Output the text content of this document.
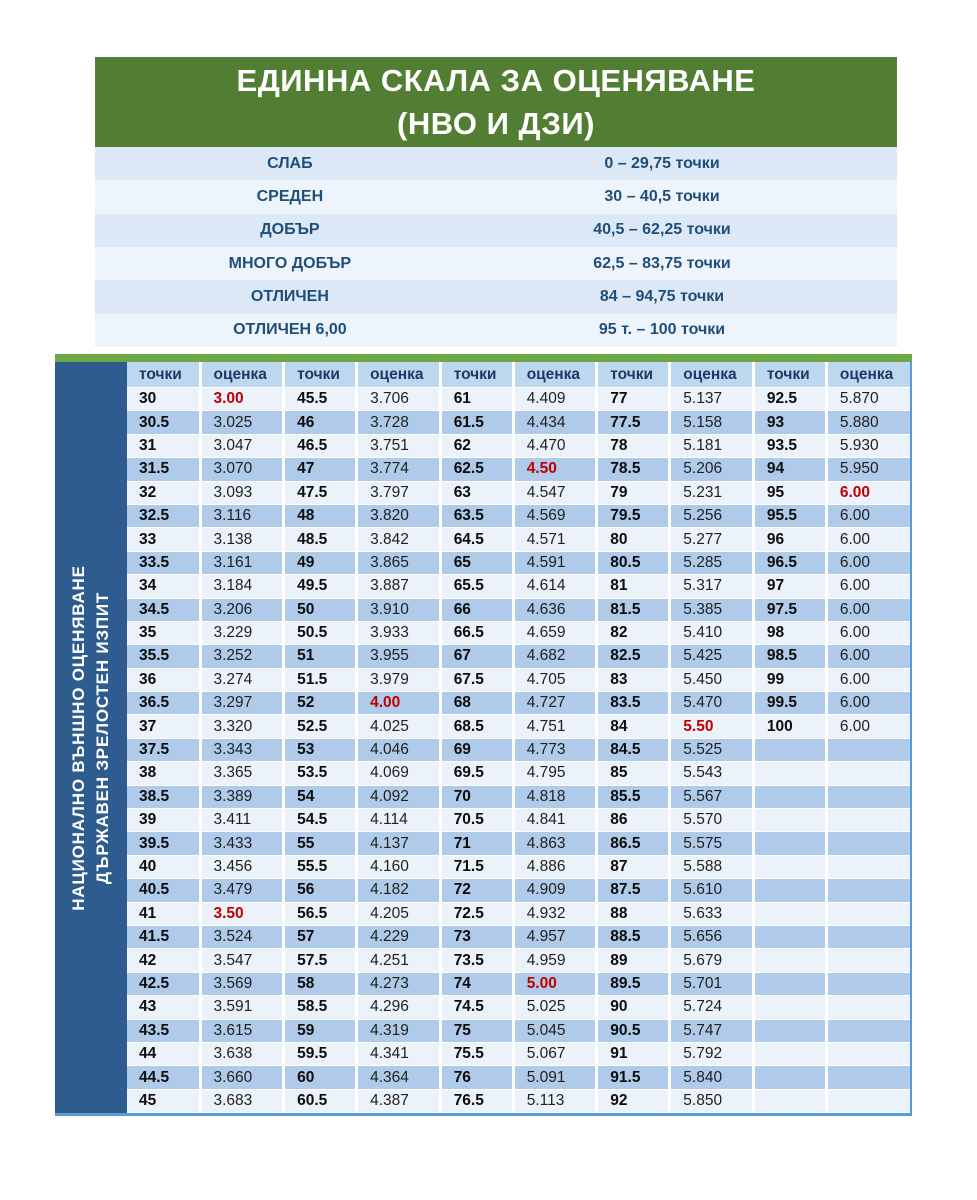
ЕДИННА СКАЛА ЗА ОЦЕНЯВАНЕ
(НВО И ДЗИ)
СЛАБ	0 – 29,75 точки
СРЕДЕН	30 – 40,5 точки
ДОБЪР	40,5 – 62,25 точки
МНОГО ДОБЪР	62,5 – 83,75 точки
ОТЛИЧЕН	84 – 94,75 точки
ОТЛИЧЕН 6,00	95 т. – 100 точки
НАЦИОНАЛНО ВЪНШНО ОЦЕНЯВАНЕ ДЪРЖАВЕН ЗРЕЛОСТЕН ИЗПИТ
точки	оценка	точки	оценка	точки	оценка	точки	оценка	точки	оценка
30	3.00	45.5	3.706	61	4.409	77	5.137	92.5	5.870
30.5	3.025	46	3.728	61.5	4.434	77.5	5.158	93	5.880
31	3.047	46.5	3.751	62	4.470	78	5.181	93.5	5.930
31.5	3.070	47	3.774	62.5	4.50	78.5	5.206	94	5.950
32	3.093	47.5	3.797	63	4.547	79	5.231	95	6.00
32.5	3.116	48	3.820	63.5	4.569	79.5	5.256	95.5	6.00
33	3.138	48.5	3.842	64.5	4.571	80	5.277	96	6.00
33.5	3.161	49	3.865	65	4.591	80.5	5.285	96.5	6.00
34	3.184	49.5	3.887	65.5	4.614	81	5.317	97	6.00
34.5	3.206	50	3.910	66	4.636	81.5	5.385	97.5	6.00
35	3.229	50.5	3.933	66.5	4.659	82	5.410	98	6.00
35.5	3.252	51	3.955	67	4.682	82.5	5.425	98.5	6.00
36	3.274	51.5	3.979	67.5	4.705	83	5.450	99	6.00
36.5	3.297	52	4.00	68	4.727	83.5	5.470	99.5	6.00
37	3.320	52.5	4.025	68.5	4.751	84	5.50	100	6.00
37.5	3.343	53	4.046	69	4.773	84.5	5.525		
38	3.365	53.5	4.069	69.5	4.795	85	5.543		
38.5	3.389	54	4.092	70	4.818	85.5	5.567		
39	3.411	54.5	4.114	70.5	4.841	86	5.570		
39.5	3.433	55	4.137	71	4.863	86.5	5.575		
40	3.456	55.5	4.160	71.5	4.886	87	5.588		
40.5	3.479	56	4.182	72	4.909	87.5	5.610		
41	3.50	56.5	4.205	72.5	4.932	88	5.633		
41.5	3.524	57	4.229	73	4.957	88.5	5.656		
42	3.547	57.5	4.251	73.5	4.959	89	5.679		
42.5	3.569	58	4.273	74	5.00	89.5	5.701		
43	3.591	58.5	4.296	74.5	5.025	90	5.724		
43.5	3.615	59	4.319	75	5.045	90.5	5.747		
44	3.638	59.5	4.341	75.5	5.067	91	5.792		
44.5	3.660	60	4.364	76	5.091	91.5	5.840		
45	3.683	60.5	4.387	76.5	5.113	92	5.850		
